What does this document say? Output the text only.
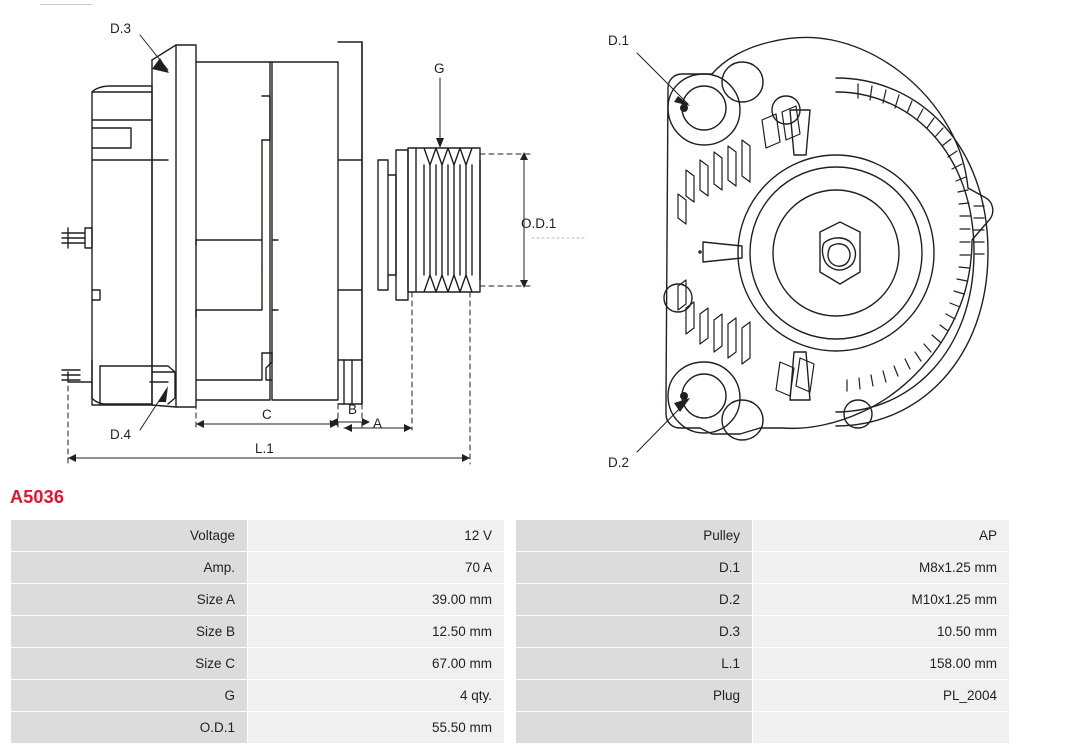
D.3
D.4
G
O.D.1
A
B
C
L.1
D.1
D.2
A5036
Voltage	12 V
Amp.	70 A
Size A	39.00 mm
Size B	12.50 mm
Size C	67.00 mm
G	4 qty.
O.D.1	55.50 mm
Pulley	AP
D.1	M8x1.25 mm
D.2	M10x1.25 mm
D.3	10.50 mm
L.1	158.00 mm
Plug	PL_2004
